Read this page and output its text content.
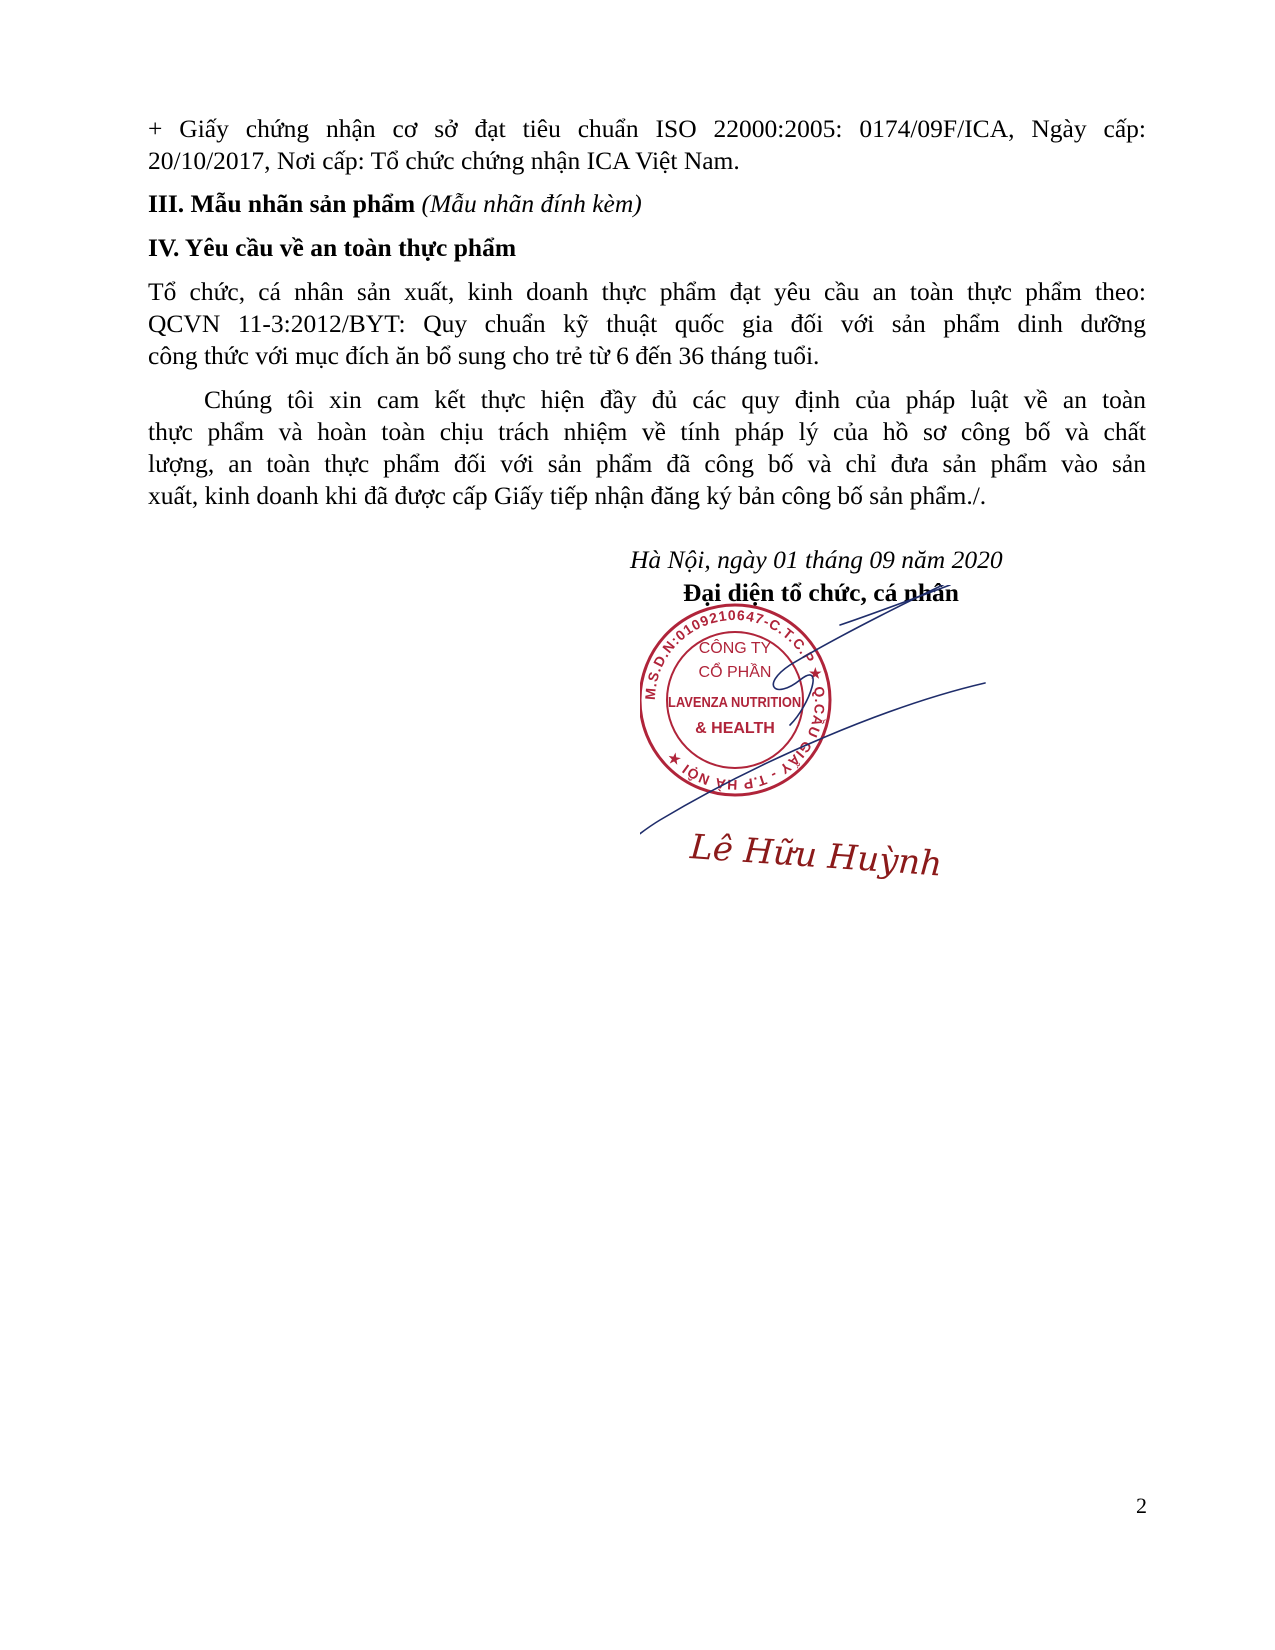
+ Giấy chứng nhận cơ sở đạt tiêu chuẩn ISO 22000:2005: 0174/09F/ICA, Ngày cấp:
20/10/2017, Nơi cấp: Tổ chức chứng nhận ICA Việt Nam.
III. Mẫu nhãn sản phẩm (Mẫu nhãn đính kèm)
IV. Yêu cầu về an toàn thực phẩm
Tổ chức, cá nhân sản xuất, kinh doanh thực phẩm đạt yêu cầu an toàn thực phẩm theo:
QCVN 11-3:2012/BYT: Quy chuẩn kỹ thuật quốc gia đối với sản phẩm dinh dưỡng
công thức với mục đích ăn bổ sung cho trẻ từ 6 đến 36 tháng tuổi.
Chúng tôi xin cam kết thực hiện đầy đủ các quy định của pháp luật về an toàn
thực phẩm và hoàn toàn chịu trách nhiệm về tính pháp lý của hồ sơ công bố và chất
lượng, an toàn thực phẩm đối với sản phẩm đã công bố và chỉ đưa sản phẩm vào sản
xuất, kinh doanh khi đã được cấp Giấy tiếp nhận đăng ký bản công bố sản phẩm./.
Hà Nội, ngày 01 tháng 09 năm 2020
Đại diện tổ chức, cá nhân
M.S.D.N:0109210647-C.T.C.P ★ Q.CẦU GIẤY - T.P HÀ NỘI ★
CÔNG TY
CỔ PHẦN
LAVENZA NUTRITION
& HEALTH
Lê Hữu Huỳnh
2
